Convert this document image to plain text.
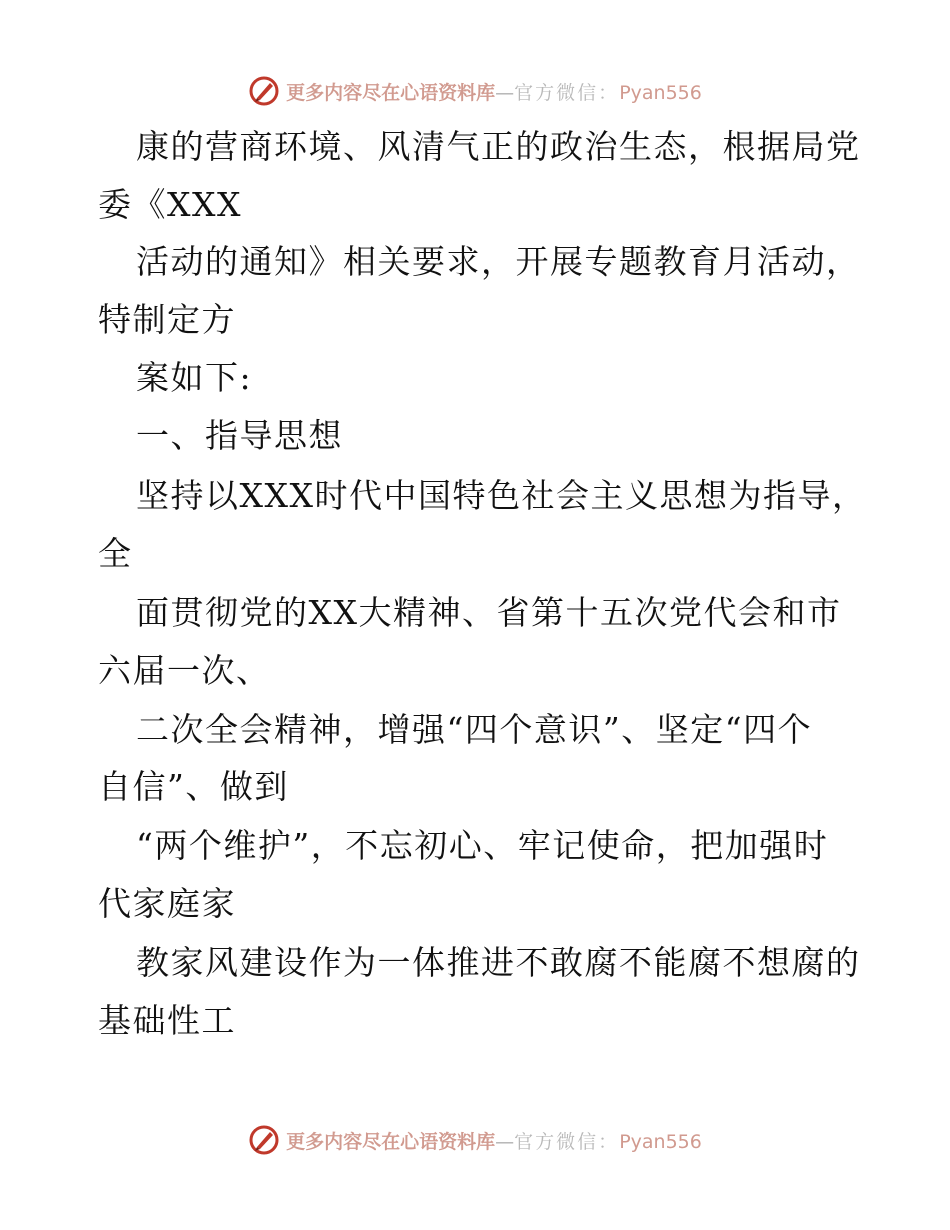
更多内容尽在心语资料库—官方微信：Pyan556
康的营商环境、风清气正的政治生态，根据局党
委《XXX
活动的通知》相关要求，开展专题教育月活动，
特制定方
案如下:
一、指导思想
坚持以XXX时代中国特色社会主义思想为指导，
全
面贯彻党的XX大精神、省第十五次党代会和市
六届一次、
二次全会精神，增强“四个意识”、坚定“四个
自信”、做到
“两个维护”，不忘初心、牢记使命，把加强时
代家庭家
教家风建设作为一体推进不敢腐不能腐不想腐的
基础性工
更多内容尽在心语资料库—官方微信：Pyan556
